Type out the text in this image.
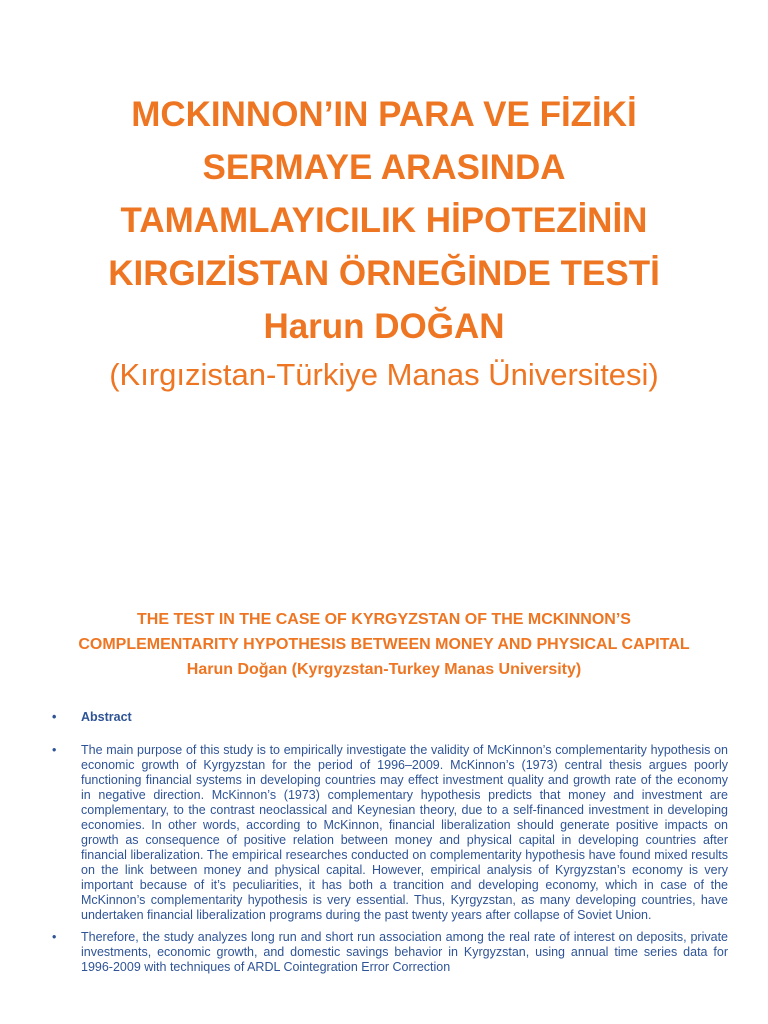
MCKINNON’IN PARA VE FİZİKİ
SERMAYE ARASINDA
TAMAMLAYICILIK HİPOTEZİNİN
KIRGIZİSTAN ÖRNEĞİNDE TESTİ
Harun DOĞAN
(Kırgızistan-Türkiye Manas Üniversitesi)
THE TEST IN THE CASE OF KYRGYZSTAN OF THE MCKINNON’S
COMPLEMENTARITY HYPOTHESIS BETWEEN MONEY AND PHYSICAL CAPITAL
Harun Doğan (Kyrgyzstan-Turkey Manas University)
• Abstract
• The main purpose of this study is to empirically investigate the validity of McKinnon’s complementarity hypothesis on economic growth of Kyrgyzstan for the period of 1996–2009. McKinnon’s (1973) central thesis argues poorly functioning financial systems in developing countries may effect investment quality and growth rate of the economy in negative direction. McKinnon’s (1973) complementary hypothesis predicts that money and investment are complementary, to the contrast neoclassical and Keynesian theory, due to a self-financed investment in developing economies. In other words, according to McKinnon, financial liberalization should generate positive impacts on growth as consequence of positive relation between money and physical capital in developing countries after financial liberalization. The empirical researches conducted on complementarity hypothesis have found mixed results on the link between money and physical capital. However, empirical analysis of Kyrgyzstan’s economy is very important because of it’s peculiarities, it has both a trancition and developing economy, which in case of the McKinnon’s complementarity hypothesis is very essential. Thus, Kyrgyzstan, as many developing countries, have undertaken financial liberalization programs during the past twenty years after collapse of Soviet Union.
• Therefore, the study analyzes long run and short run association among the real rate of interest on deposits, private investments, economic growth, and domestic savings behavior in Kyrgyzstan, using annual time series data for 1996-2009 with techniques of ARDL Cointegration Error Correction
